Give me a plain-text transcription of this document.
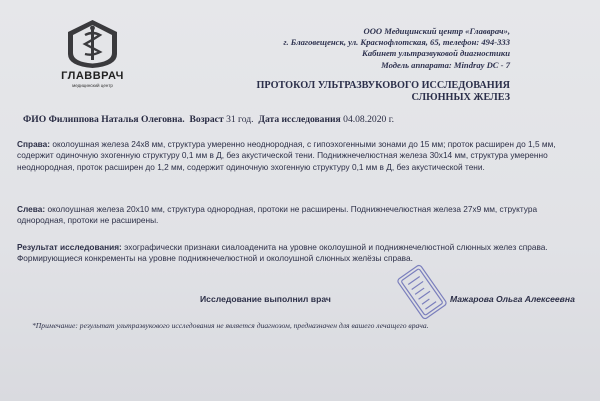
ГЛАВВРАЧ
медицинский центр
ООО Медицинский центр «Главврач»,
г. Благовещенск, ул. Краснофлотская, 65, телефон: 494-333
Кабинет ультразвуковой диагностики
Модель аппарата: Mindray DC - 7
ПРОТОКОЛ УЛЬТРАЗВУКОВОГО ИССЛЕДОВАНИЯ
СЛЮННЫХ ЖЕЛЕЗ
ФИО Филиппова Наталья Олеговна. Возраст 31 год. Дата исследования 04.08.2020 г.
Справа: околоушная железа 24x8 мм, структура умеренно неоднородная, с гипоэхогенными зонами до 15 мм; проток расширен до 1,5 мм, содержит одиночную эхогенную структуру 0,1 мм в Д, без акустической тени. Поднижнечелюстная железа 30x14 мм, структура умеренно неоднородная, проток расширен до 1,2 мм, содержит одиночную эхогенную структуру 0,1 мм в Д, без акустической тени.
Слева: околоушная железа 20x10 мм, структура однородная, протоки не расширены. Поднижнечелюстная железа 27x9 мм, структура однородная, протоки не расширены.
Результат исследования: эхографически признаки сиалоаденита на уровне околоушной и поднижнечелюстной слюнных желез справа. Формирующиеся конкременты на уровне поднижнечелюстной и околоушной слюнных желёзы справа.
Исследование выполнил врач	Мажарова Ольга Алексеевна
*Примечание: результат ультразвукового исследования не является диагнозом, предназначен для вашего лечащего врача.
